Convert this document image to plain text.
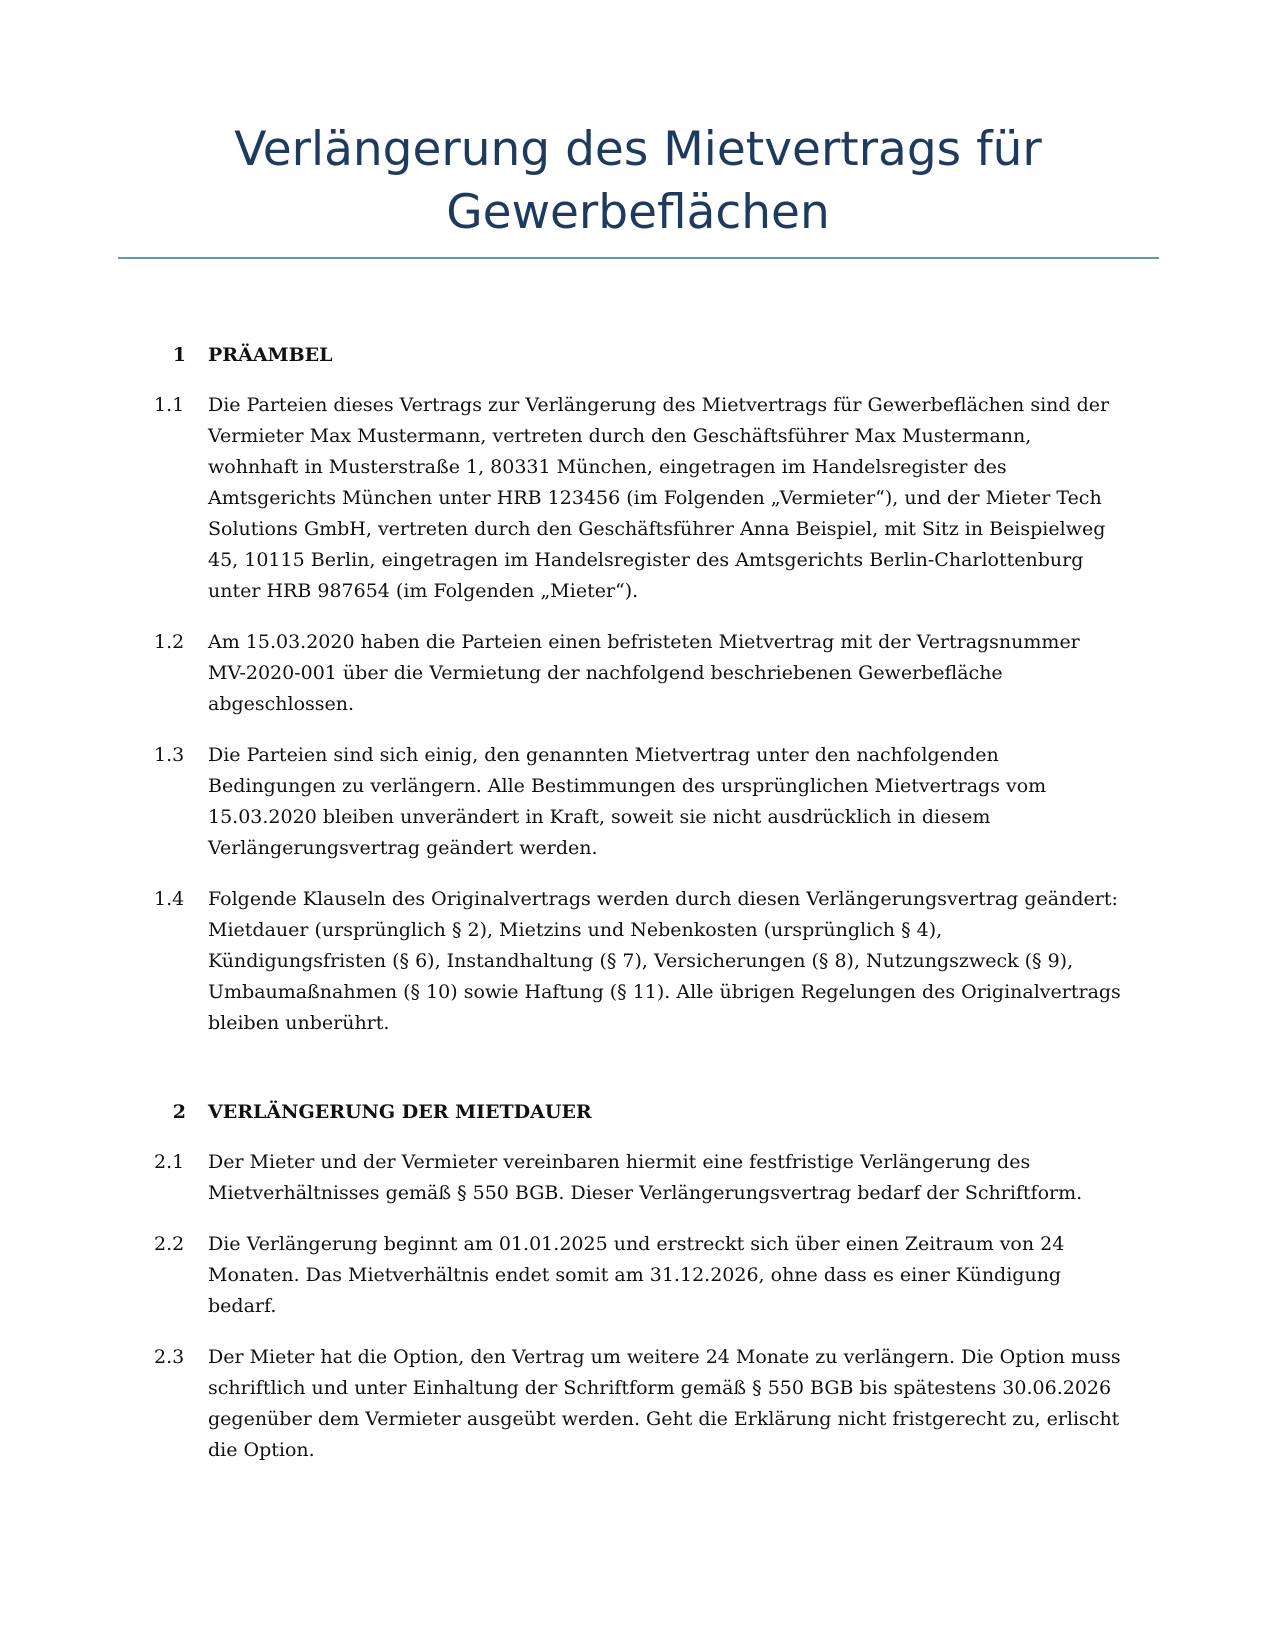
Verlängerung des Mietvertrags für
Gewerbeflächen
1 PRÄAMBEL
1.1 Die Parteien dieses Vertrags zur Verlängerung des Mietvertrags für Gewerbeflächen sind der
Vermieter Max Mustermann, vertreten durch den Geschäftsführer Max Mustermann,
wohnhaft in Musterstraße 1, 80331 München, eingetragen im Handelsregister des
Amtsgerichts München unter HRB 123456 (im Folgenden „Vermieter“), und der Mieter Tech
Solutions GmbH, vertreten durch den Geschäftsführer Anna Beispiel, mit Sitz in Beispielweg
45, 10115 Berlin, eingetragen im Handelsregister des Amtsgerichts Berlin-Charlottenburg
unter HRB 987654 (im Folgenden „Mieter“).
1.2 Am 15.03.2020 haben die Parteien einen befristeten Mietvertrag mit der Vertragsnummer
MV-2020-001 über die Vermietung der nachfolgend beschriebenen Gewerbefläche
abgeschlossen.
1.3 Die Parteien sind sich einig, den genannten Mietvertrag unter den nachfolgenden
Bedingungen zu verlängern. Alle Bestimmungen des ursprünglichen Mietvertrags vom
15.03.2020 bleiben unverändert in Kraft, soweit sie nicht ausdrücklich in diesem
Verlängerungsvertrag geändert werden.
1.4 Folgende Klauseln des Originalvertrags werden durch diesen Verlängerungsvertrag geändert:
Mietdauer (ursprünglich § 2), Mietzins und Nebenkosten (ursprünglich § 4),
Kündigungsfristen (§ 6), Instandhaltung (§ 7), Versicherungen (§ 8), Nutzungszweck (§ 9),
Umbaumaßnahmen (§ 10) sowie Haftung (§ 11). Alle übrigen Regelungen des Originalvertrags
bleiben unberührt.
2 VERLÄNGERUNG DER MIETDAUER
2.1 Der Mieter und der Vermieter vereinbaren hiermit eine festfristige Verlängerung des
Mietverhältnisses gemäß § 550 BGB. Dieser Verlängerungsvertrag bedarf der Schriftform.
2.2 Die Verlängerung beginnt am 01.01.2025 und erstreckt sich über einen Zeitraum von 24
Monaten. Das Mietverhältnis endet somit am 31.12.2026, ohne dass es einer Kündigung
bedarf.
2.3 Der Mieter hat die Option, den Vertrag um weitere 24 Monate zu verlängern. Die Option muss
schriftlich und unter Einhaltung der Schriftform gemäß § 550 BGB bis spätestens 30.06.2026
gegenüber dem Vermieter ausgeübt werden. Geht die Erklärung nicht fristgerecht zu, erlischt
die Option.
